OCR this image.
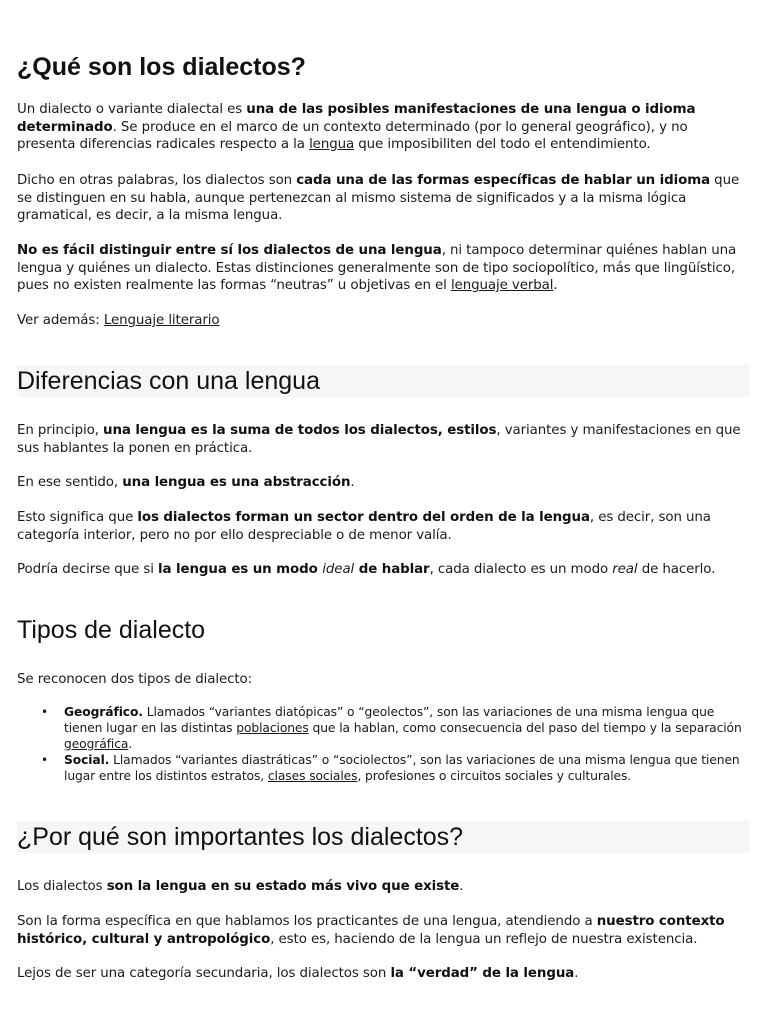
¿Qué son los dialectos?

Un dialecto o variante dialectal es una de las posibles manifestaciones de una lengua o idioma determinado. Se produce en el marco de un contexto determinado (por lo general geográfico), y no presenta diferencias radicales respecto a la lengua que imposibiliten del todo el entendimiento.

Dicho en otras palabras, los dialectos son cada una de las formas específicas de hablar un idioma que se distinguen en su habla, aunque pertenezcan al mismo sistema de significados y a la misma lógica gramatical, es decir, a la misma lengua.

No es fácil distinguir entre sí los dialectos de una lengua, ni tampoco determinar quiénes hablan una lengua y quiénes un dialecto. Estas distinciones generalmente son de tipo sociopolítico, más que lingüístico, pues no existen realmente las formas “neutras” u objetivas en el lenguaje verbal.

Ver además: Lenguaje literario

Diferencias con una lengua

En principio, una lengua es la suma de todos los dialectos, estilos, variantes y manifestaciones en que sus hablantes la ponen en práctica.

En ese sentido, una lengua es una abstracción.

Esto significa que los dialectos forman un sector dentro del orden de la lengua, es decir, son una categoría interior, pero no por ello despreciable o de menor valía.

Podría decirse que si la lengua es un modo ideal de hablar, cada dialecto es un modo real de hacerlo.

Tipos de dialecto

Se reconocen dos tipos de dialecto:

• Geográfico. Llamados “variantes diatópicas” o “geolectos”, son las variaciones de una misma lengua que tienen lugar en las distintas poblaciones que la hablan, como consecuencia del paso del tiempo y la separación geográfica.
• Social. Llamados “variantes diastráticas” o “sociolectos”, son las variaciones de una misma lengua que tienen lugar entre los distintos estratos, clases sociales, profesiones o circuitos sociales y culturales.
¿Por qué son importantes los dialectos?

Los dialectos son la lengua en su estado más vivo que existe.

Son la forma específica en que hablamos los practicantes de una lengua, atendiendo a nuestro contexto histórico, cultural y antropológico, esto es, haciendo de la lengua un reflejo de nuestra existencia.

Lejos de ser una categoría secundaria, los dialectos son la “verdad” de la lengua.
